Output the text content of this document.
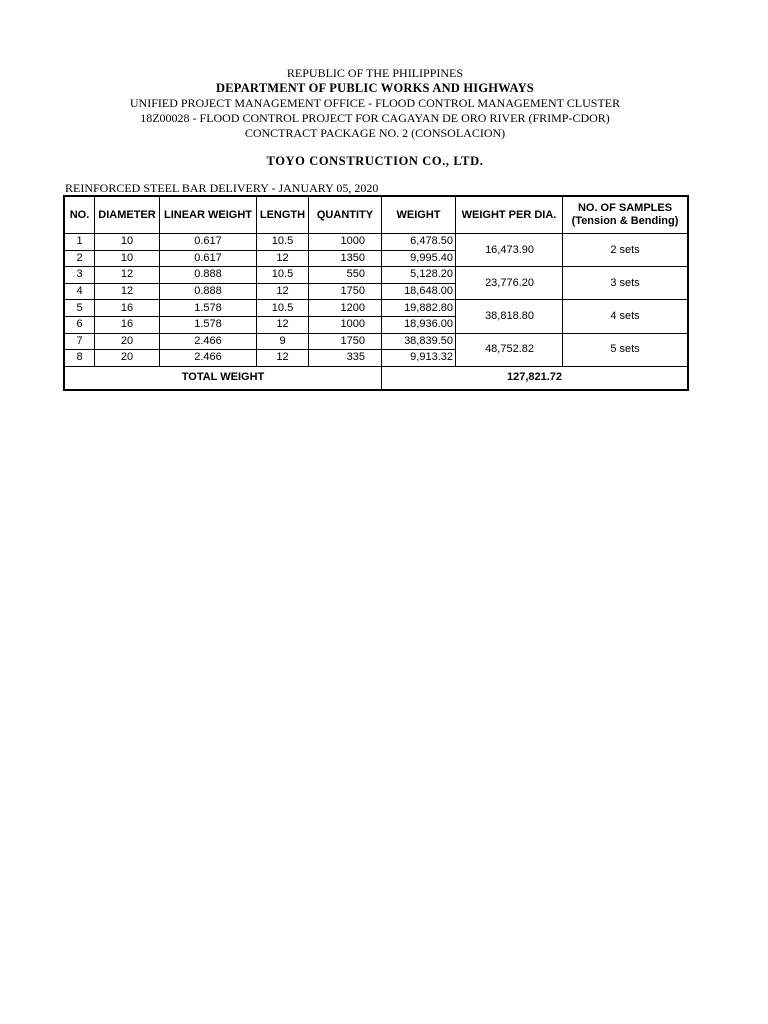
REPUBLIC OF THE PHILIPPINES
DEPARTMENT OF PUBLIC WORKS AND HIGHWAYS
UNIFIED PROJECT MANAGEMENT OFFICE - FLOOD CONTROL MANAGEMENT CLUSTER
18Z00028 - FLOOD CONTROL PROJECT FOR CAGAYAN DE ORO RIVER (FRIMP-CDOR)
CONCTRACT PACKAGE NO. 2 (CONSOLACION)
TOYO CONSTRUCTION CO., LTD.
REINFORCED STEEL BAR DELIVERY - JANUARY 05, 2020
NO.	DIAMETER	LINEAR WEIGHT	LENGTH	QUANTITY	WEIGHT	WEIGHT PER DIA.	NO. OF SAMPLES
(Tension & Bending)

1	10	0.617	10.5	1000	6,478.50	16,473.90	2 sets
2	10	0.617	12	1350	9,995.40		
3	12	0.888	10.5	550	5,128.20	23,776.20	3 sets
4	12	0.888	12	1750	18,648.00		
5	16	1.578	10.5	1200	19,882.80	38,818.80	4 sets
6	16	1.578	12	1000	18,936.00		
7	20	2.466	9	1750	38,839.50	48,752.82	5 sets
8	20	2.466	12	335	9,913.32		
TOTAL WEIGHT					127,821.72		
